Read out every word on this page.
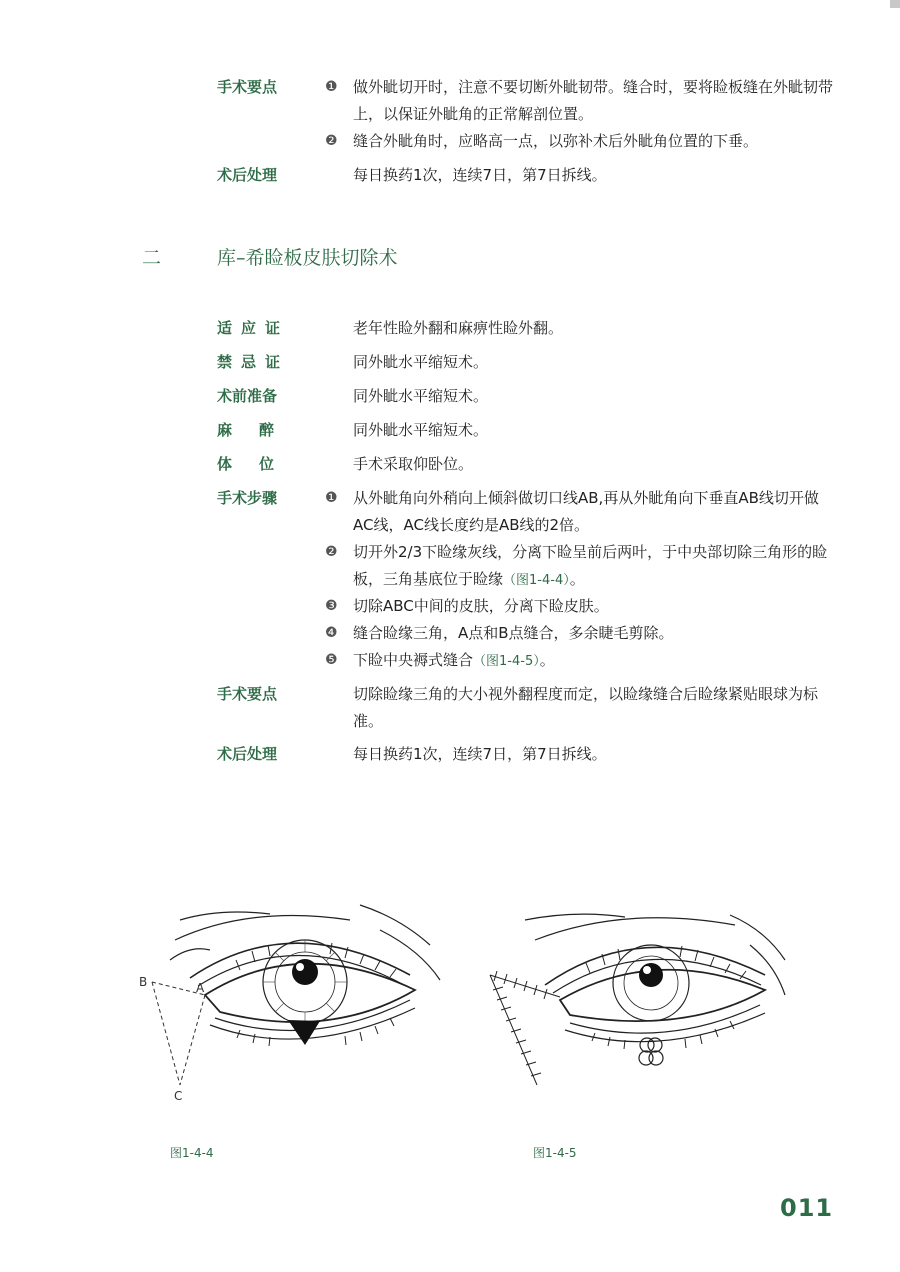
手术要点	❶ 做外眦切开时，注意不要切断外眦韧带。缝合时，要将睑板缝在外眦韧带上，以保证外眦角的正常解剖位置。
❷ 缝合外眦角时，应略高一点，以弥补术后外眦角位置的下垂。
术后处理	每日换药1次，连续7日，第7日拆线。
二	库–希睑板皮肤切除术
适应证	老年性睑外翻和麻痹性睑外翻。
禁忌证	同外眦水平缩短术。
术前准备	同外眦水平缩短术。
麻醉	同外眦水平缩短术。
体位	手术采取仰卧位。
手术步骤	❶ 从外眦角向外稍向上倾斜做切口线AB,再从外眦角向下垂直AB线切开做AC线，AC线长度约是AB线的2倍。
❷ 切开外2/3下睑缘灰线，分离下睑呈前后两叶，于中央部切除三角形的睑板，三角基底位于睑缘（图1-4-4）。
❸ 切除ABC中间的皮肤，分离下睑皮肤。
❹ 缝合睑缘三角，A点和B点缝合，多余睫毛剪除。
❺ 下睑中央褥式缝合（图1-4-5）。
手术要点	切除睑缘三角的大小视外翻程度而定，以睑缘缝合后睑缘紧贴眼球为标准。
术后处理	每日换药1次，连续7日，第7日拆线。
B	A
C
图1-4-4	图1-4-5
011
